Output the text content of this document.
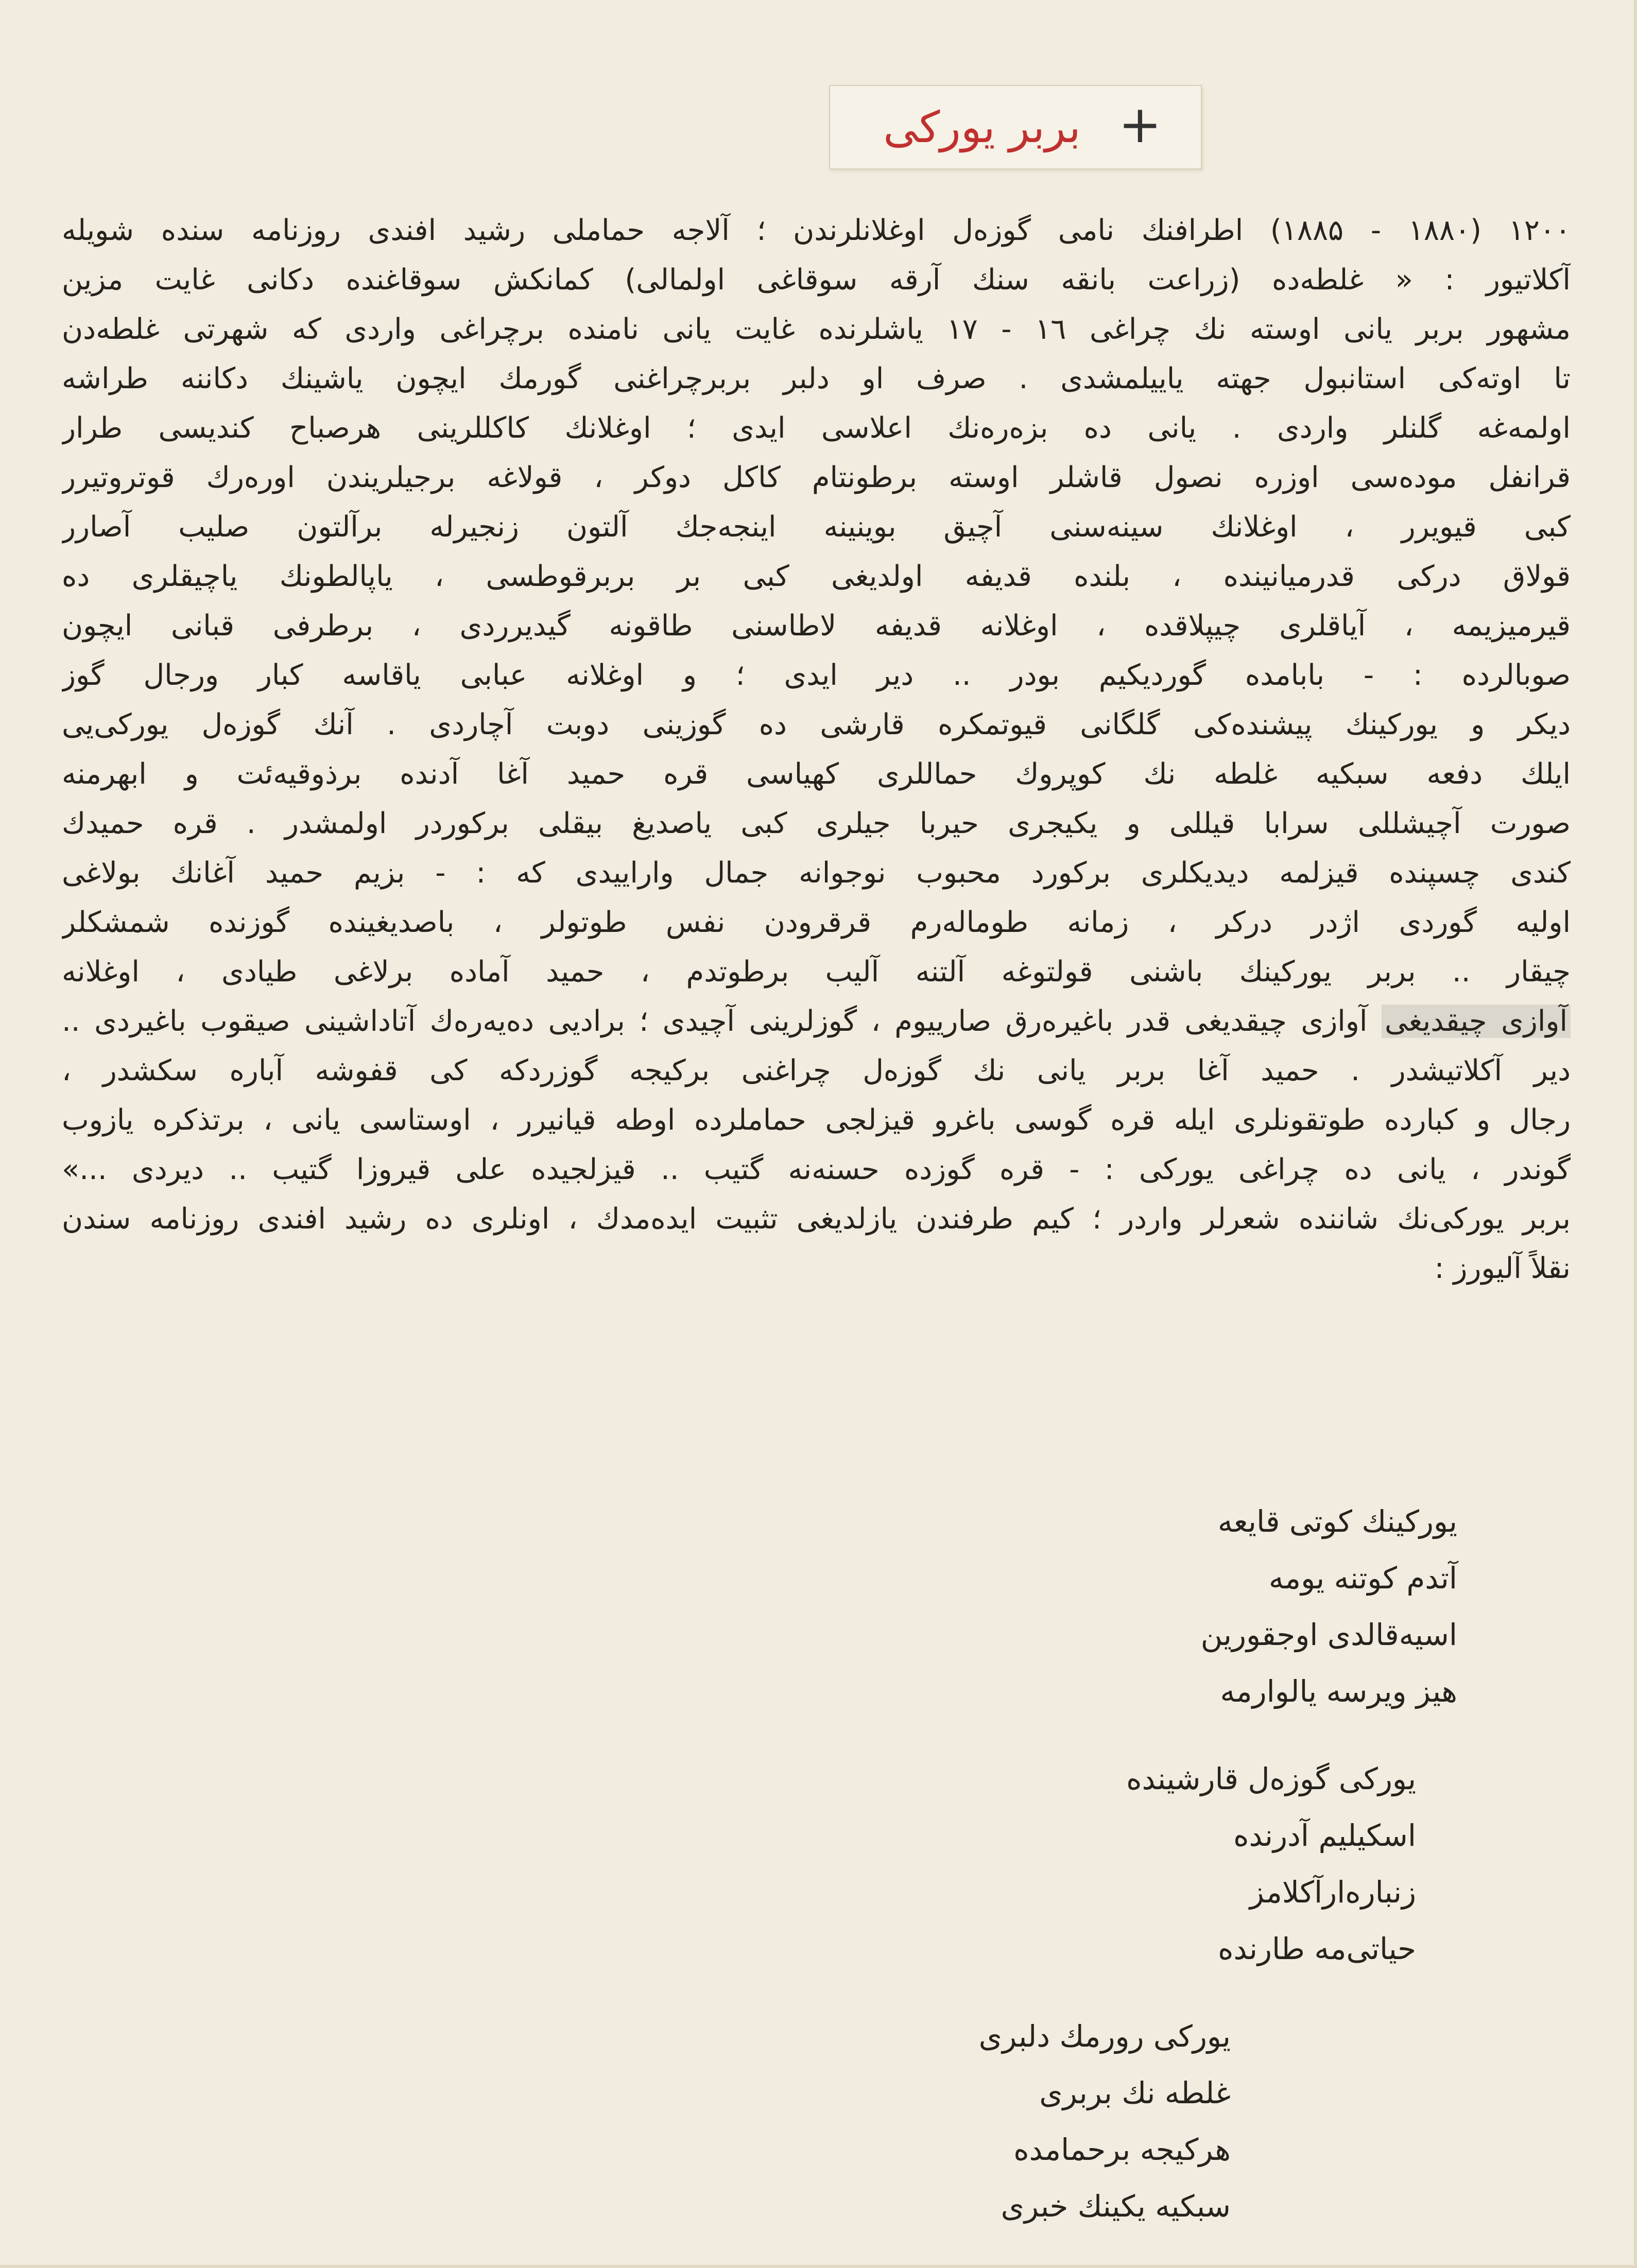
+
بربر یورکی
۱۲۰۰ (۱۸۸۰ - ۱۸۸۵) اطرافنك نامی گوزه‌ل اوغلانلرندن ؛ آلاجه حماملی رشید افندی روزنامه سنده شویله
آکلاتیور : « غلطه‌ده (زراعت بانقه سنك آرقه سوقاغی اولمالی) کمانکش سوقاغنده دکانی غایت مزین
مشهور بربر یانی اوسته نك چراغی ١٦ - ١٧ یاشلرنده غایت یانی نامنده برچراغی واردی که شهرتی غلطه‌دن
تا اوته‌کی استانبول جهته یاییلمشدی . صرف او دلبر بربرچراغنی گورمك ایچون یاشینك دکاننه طراشه
اولمه‌غه گلنلر واردی . یانی ده بزه‌ره‌نك اعلاسی ایدی ؛ اوغلانك کاکللرینی هرصباح کندیسی طرار
قرانفل موده‌سی اوزره نصول قاشلر اوسته برطونتام کاکل دوکر ، قولاغه برجیلریندن اوره‌رك قوتروتیرر
کبی قیویرر ، اوغلانك سینه‌سنی آچیق بوینینه اینجه‌جك آلتون زنجیرله برآلتون صلیب آصارر
قولاق درکی قدرمیانینده ، بلنده قدیفه اولدیغی کبی بر بربرقوطسی ، یاپالطونك یاچیقلری ده
قیرمیزیمه ، آیاقلری چیپلاقده ، اوغلانه قدیفه‌ لاطاسنی طاقونه گیدیرردی ، برطرفی قبانی ایچون
صوبالرده : - بابامده گوردیکیم بودر .. دیر ایدی ؛ و اوغلانه عبابی یاقاسه کبار ورجال گوز
دیکر و یورکینك پیشنده‌کی گلگانی قیوتمکره قارشی ده گوزینی دوبت آچاردی . آنك گوزه‌ل یورکی‌یی
ایلك دفعه سبکیه غلطه نك کوپروك حماللری کهیاسی قره حمید آغا آدنده برذوقیه‌ئت و ابهرمنه
صورت آچیشللی سرابا قیللی و یکیجری حیربا جیلری کبی یاصدیغ بیقلی برکوردر اولمشدر . قره حمیدك
کندی چسپنده قیزلمه دیدیکلری برکورد محبوب نوجوانه جمال واراییدی که : - بزیم حمید آغانك بولاغی
اولیه گوردی اژدر درکر ، زمانه طوماله‌رم قرقرودن نفس طوتولر ، باصدیغینده گوزنده شمشکلر
چیقار .. بربر یورکینك باشنی قولتوغه آلتنه آلیب برطوتدم ، حمید آماده برلاغی طیادی ، اوغلانه
آوازی چیقدیغی آوازی چیقدیغی قدر باغیره‌رق صارییوم ، گوزلرینی آچیدی ؛ برادیی ده‌یه‌ره‌ك آتاداشینی صیقوب باغیردی ..
دیر آکلاتیشدر . حمید آغا بربر یانی نك گوزه‌ل چراغنی برکیجه گوزردکه کی قفوشه آباره سکشدر ،
رجال و کبارده طوتقونلری ایله قره گوسی باغرو قیزلجی حماملرده اوطه قیانیرر ، اوستاسی یانی ، برتذکره یازوب
گوندر ، یانی ده چراغی یورکی : - قره گوزده حسنه‌نه گتیب .. قیزلجیده علی قیروزا گتیب .. دیردی ...»
بربر یورکی‌نك شاننده شعرلر واردر ؛ کیم طرفندن یازلدیغی تثبیت ایده‌مدك ، اونلری ده رشید افندی روزنامه سندن
نقلاً آلیورز :
یورکینك کوتی قایعه
آتدم کوتنه یومه
اسیه‌قالدی اوجقورین
هیز ویرسه یالوارمه
یورکی گوزه‌ل قارشینده
اسکیلیم آدرنده
زنباره‌ارآکلامز
حیاتی‌مه طارنده
یورکی رورمك دلبری
غلطه نك بربری
هرکیجه برحمامده
سبکیه یکینك خبری
